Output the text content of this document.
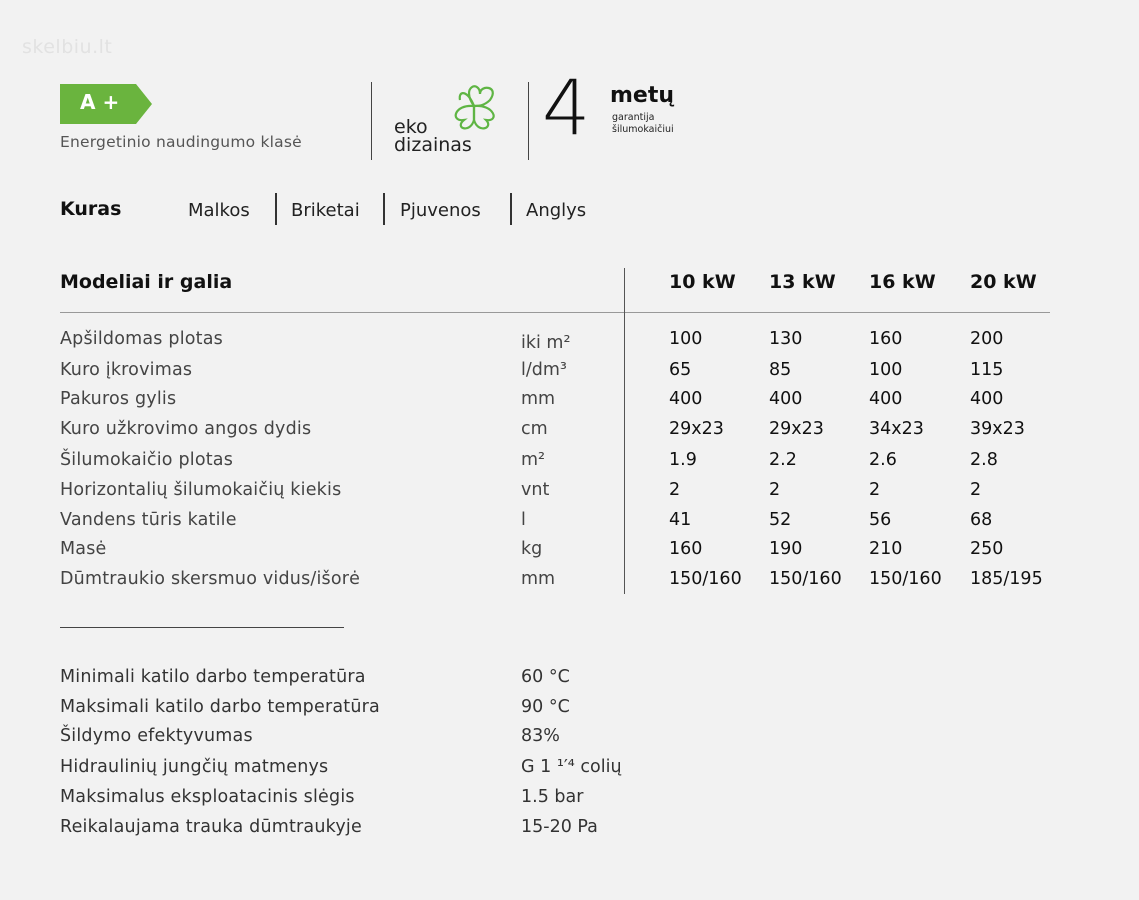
skelbiu.lt
A +
Energetinio naudingumo klasė
eko
dizainas 4 metų
garantija
šilumokaičiui
Kuras	Malkos Briketai Pjuvenos	Anglys
Modeliai ir galia	10 kW 13 kW 16 kW 20 kW
Apšildomas plotas	iki m²	100	130	160	200
Kuro įkrovimas	l/dm³	65	85	100	115
Pakuros gylis	mm	400	400	400	400
Kuro užkrovimo angos dydis	cm	29x23	29x23	34x23	39x23
Šilumokaičio plotas	m²	1.9	2.2	2.6	2.8
Horizontalių šilumokaičių kiekis	vnt	2	2	2	2
Vandens tūris katile	l	41	52	56	68
Masė	kg	160	190	210	250
Dūmtraukio skersmuo vidus/išorė	mm	150/160 150/160 150/160 185/195
Minimali katilo darbo temperatūra	60 °C
Maksimali katilo darbo temperatūra	90 °C
Šildymo efektyvumas	83%
Hidraulinių jungčių matmenys	G 1 ¹′⁴ colių
Maksimalus eksploatacinis slėgis	1.5 bar
Reikalaujama trauka dūmtraukyje	15-20 Pa
